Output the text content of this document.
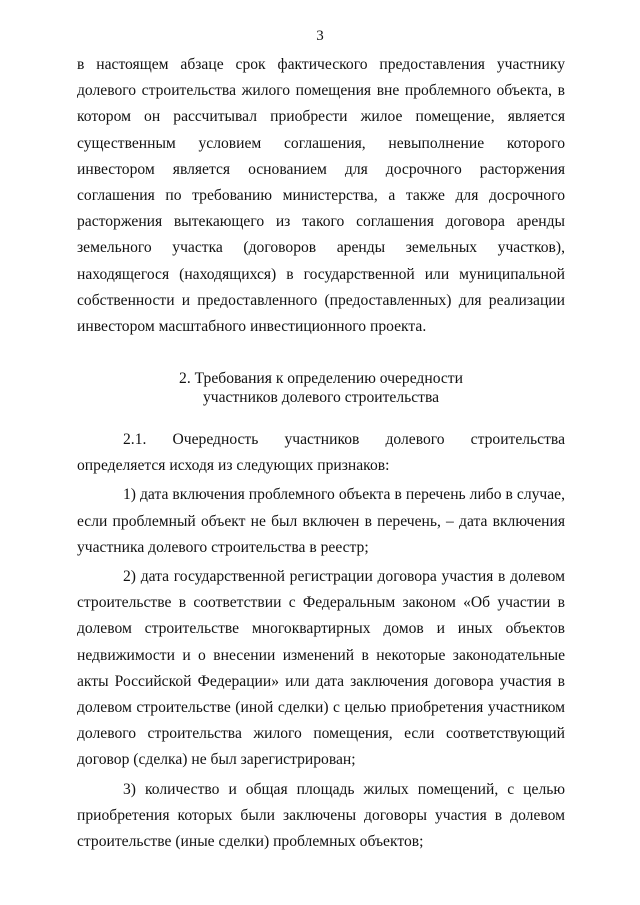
3

в настоящем абзаце срок фактического предоставления участнику долевого строительства жилого помещения вне проблемного объекта, в котором он рассчитывал приобрести жилое помещение, является существенным условием соглашения, невыполнение которого инвестором является основанием для досрочного расторжения соглашения по требованию министерства, а также для досрочного расторжения вытекающего из такого соглашения договора аренды земельного участка (договоров аренды земельных участков), находящегося (находящихся) в государственной или муниципальной собственности и предоставленного (предоставленных) для реализации инвестором масштабного инвестиционного проекта.

2. Требования к определению очередности
участников долевого строительства

2.1. Очередность участников долевого строительства определяется исходя из следующих признаков:

1) дата включения проблемного объекта в перечень либо в случае, если проблемный объект не был включен в перечень, – дата включения участника долевого строительства в реестр;

2) дата государственной регистрации договора участия в долевом строительстве в соответствии с Федеральным законом «Об участии в долевом строительстве многоквартирных домов и иных объектов недвижимости и о внесении изменений в некоторые законодательные акты Российской Федерации» или дата заключения договора участия в долевом строительстве (иной сделки) с целью приобретения участником долевого строительства жилого помещения, если соответствующий договор (сделка) не был зарегистрирован;

3) количество и общая площадь жилых помещений, с целью приобретения которых были заключены договоры участия в долевом строительстве (иные сделки) проблемных объектов;
